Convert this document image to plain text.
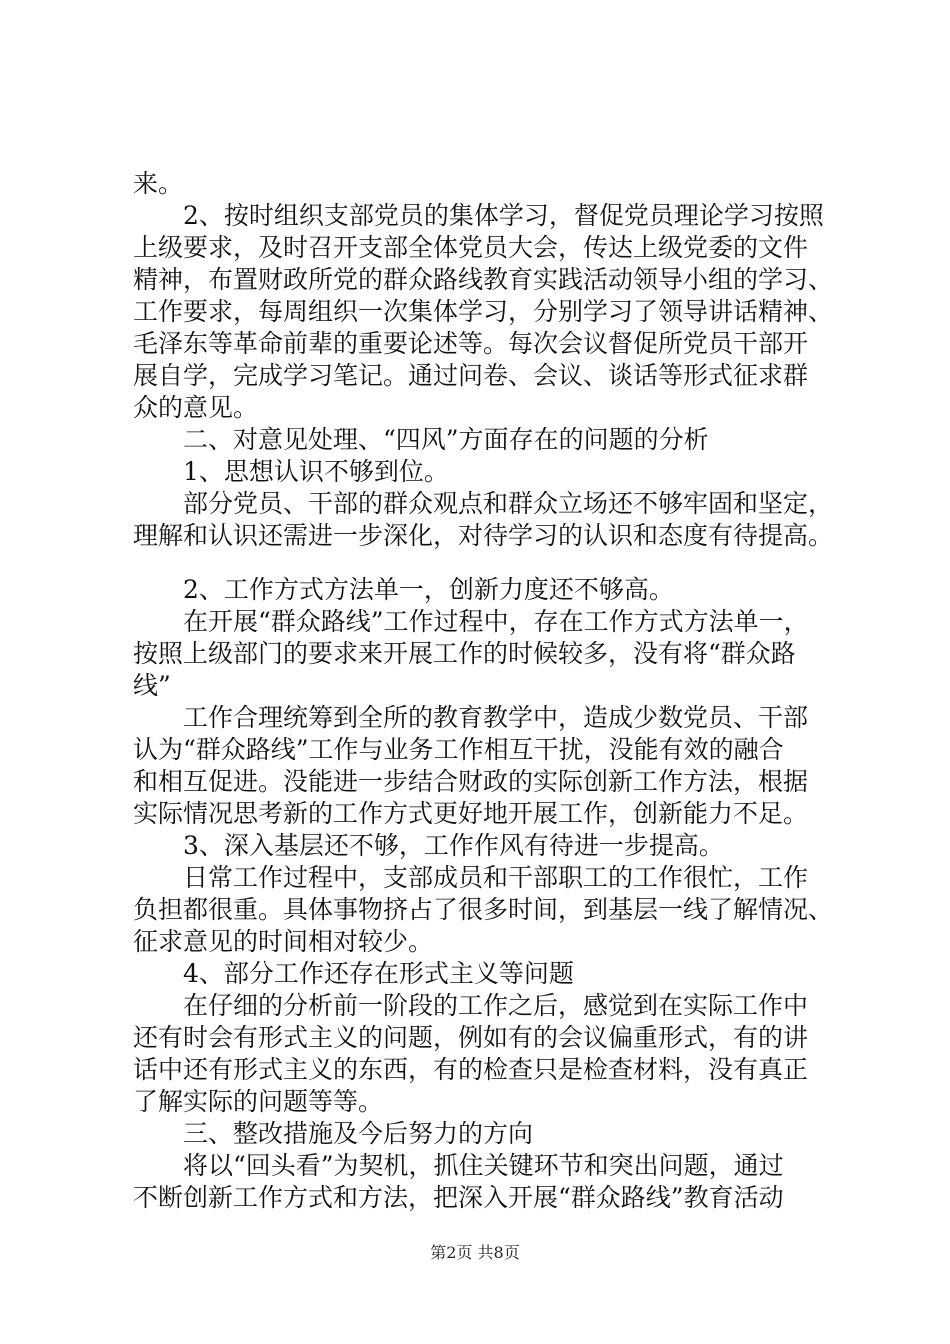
来。
2、按时组织支部党员的集体学习，督促党员理论学习按照
上级要求，及时召开支部全体党员大会，传达上级党委的文件
精神，布置财政所党的群众路线教育实践活动领导小组的学习、
工作要求，每周组织一次集体学习，分别学习了领导讲话精神、
毛泽东等革命前辈的重要论述等。每次会议督促所党员干部开
展自学，完成学习笔记。通过问卷、会议、谈话等形式征求群
众的意见。
二、对意见处理、“四风”方面存在的问题的分析
1、思想认识不够到位。
部分党员、干部的群众观点和群众立场还不够牢固和坚定，
理解和认识还需进一步深化，对待学习的认识和态度有待提高。
2、工作方式方法单一，创新力度还不够高。
在开展“群众路线”工作过程中，存在工作方式方法单一，
按照上级部门的要求来开展工作的时候较多，没有将“群众路
线”
工作合理统筹到全所的教育教学中，造成少数党员、干部
认为“群众路线”工作与业务工作相互干扰，没能有效的融合
和相互促进。没能进一步结合财政的实际创新工作方法，根据
实际情况思考新的工作方式更好地开展工作，创新能力不足。
3、深入基层还不够，工作作风有待进一步提高。
日常工作过程中，支部成员和干部职工的工作很忙，工作
负担都很重。具体事物挤占了很多时间，到基层一线了解情况、
征求意见的时间相对较少。
4、部分工作还存在形式主义等问题
在仔细的分析前一阶段的工作之后，感觉到在实际工作中
还有时会有形式主义的问题，例如有的会议偏重形式，有的讲
话中还有形式主义的东西，有的检查只是检查材料，没有真正
了解实际的问题等等。
三、整改措施及今后努力的方向
将以“回头看”为契机，抓住关键环节和突出问题，通过
不断创新工作方式和方法，把深入开展“群众路线”教育活动
第2页 共8页
